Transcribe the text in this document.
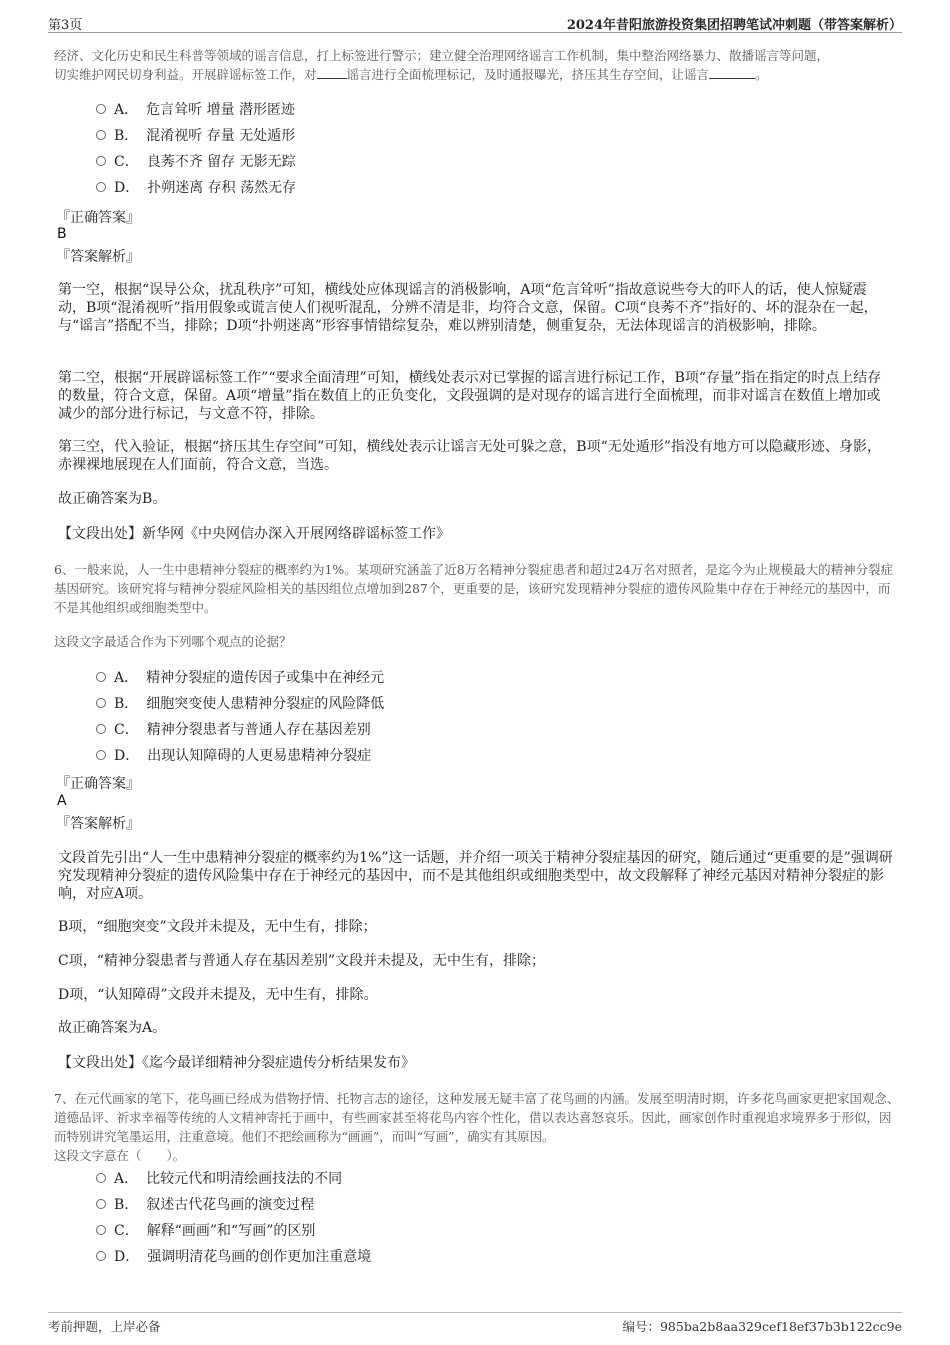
第3页	2024年昔阳旅游投资集团招聘笔试冲刺题（带答案解析）
经济、文化历史和民生科普等领域的谣言信息，打上标签进行警示；建立健全治理网络谣言工作机制，集中整治网络暴力、散播谣言等问题，
切实维护网民切身利益。开展辟谣标签工作，对 谣言进行全面梳理标记，及时通报曝光，挤压其生存空间，让谣言	。
A． 危言耸听 增量 潜形匿迹
B． 混淆视听 存量 无处遁形
C． 良莠不齐 留存 无影无踪
D． 扑朔迷离 存积 荡然无存
『正确答案』
B
『答案解析』
第一空，根据“误导公众，扰乱秩序”可知，横线处应体现谣言的消极影响，A项“危言耸听”指故意说些夸大的吓人的话，使人惊疑震动，B项“混淆视听”指用假象或谎言使人们视听混乱，分辨不清是非，均符合文意，保留。C项“良莠不齐”指好的、坏的混杂在一起，与“谣言”搭配不当，排除；D项“扑朔迷离”形容事情错综复杂，难以辨别清楚，侧重复杂，无法体现谣言的消极影响，排除。
第二空，根据“开展辟谣标签工作”“要求全面清理”可知，横线处表示对已掌握的谣言进行标记工作，B项“存量”指在指定的时点上结存的数量，符合文意，保留。A项“增量”指在数值上的正负变化，文段强调的是对现存的谣言进行全面梳理，而非对谣言在数值上增加或减少的部分进行标记，与文意不符，排除。
第三空，代入验证，根据“挤压其生存空间”可知，横线处表示让谣言无处可躲之意，B项“无处遁形”指没有地方可以隐藏形迹、身影，赤裸裸地展现在人们面前，符合文意，当选。
故正确答案为B。
【文段出处】新华网《中央网信办深入开展网络辟谣标签工作》
6、一般来说，人一生中患精神分裂症的概率约为1%。某项研究涵盖了近8万名精神分裂症患者和超过24万名对照者，是迄今为止规模最大的精神分裂症基因研究。该研究将与精神分裂症风险相关的基因组位点增加到287个，更重要的是，该研究发现精神分裂症的遗传风险集中存在于神经元的基因中，而不是其他组织或细胞类型中。
这段文字最适合作为下列哪个观点的论据？
A． 精神分裂症的遗传因子或集中在神经元
B． 细胞突变使人患精神分裂症的风险降低
C． 精神分裂患者与普通人存在基因差别
D． 出现认知障碍的人更易患精神分裂症
『正确答案』
A
『答案解析』
文段首先引出“人一生中患精神分裂症的概率约为1%”这一话题，并介绍一项关于精神分裂症基因的研究，随后通过“更重要的是”强调研究发现精神分裂症的遗传风险集中存在于神经元的基因中，而不是其他组织或细胞类型中，故文段解释了神经元基因对精神分裂症的影响，对应A项。
B项，“细胞突变”文段并未提及，无中生有，排除；
C项，“精神分裂患者与普通人存在基因差别”文段并未提及，无中生有，排除；
D项，“认知障碍”文段并未提及，无中生有，排除。
故正确答案为A。
【文段出处】《迄今最详细精神分裂症遗传分析结果发布》
7、在元代画家的笔下，花鸟画已经成为借物抒情、托物言志的途径，这种发展无疑丰富了花鸟画的内涵。发展至明清时期，许多花鸟画家更把家国观念、道德品评、祈求幸福等传统的人文精神寄托于画中，有些画家甚至将花鸟内容个性化，借以表达喜怒哀乐。因此，画家创作时重视追求境界多于形似，因而特别讲究笔墨运用，注重意境。他们不把绘画称为“画画”，而叫“写画”，确实有其原因。
这段文字意在（　　）。
A． 比较元代和明清绘画技法的不同
B． 叙述古代花鸟画的演变过程
C． 解释“画画”和“写画”的区别
D． 强调明清花鸟画的创作更加注重意境
考前押题，上岸必备	编号：985ba2b8aa329cef18ef37b3b122cc9e
